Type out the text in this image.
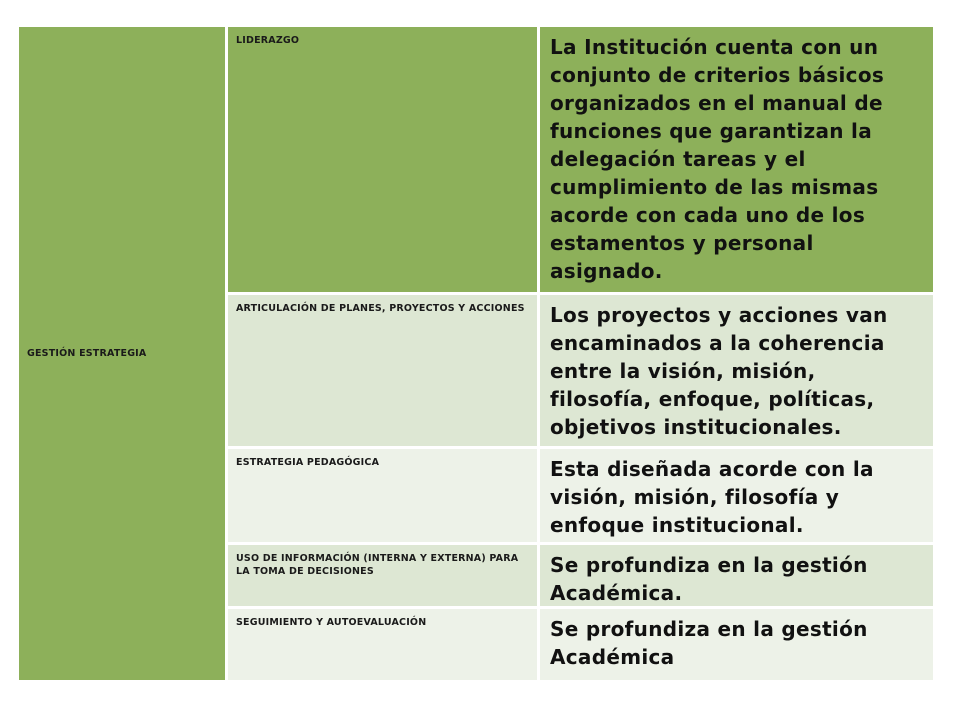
GESTIÓN ESTRATEGIA
LIDERAZGO	La Institución cuenta con un conjunto de criterios básicos organizados en el manual de funciones que garantizan la delegación tareas y el cumplimiento de las mismas acorde con cada uno de los estamentos y personal asignado.
ARTICULACIÓN DE PLANES, PROYECTOS Y ACCIONES	Los proyectos y acciones van encaminados a la coherencia entre la visión, misión, filosofía, enfoque, políticas, objetivos institucionales.
ESTRATEGIA PEDAGÓGICA	Esta diseñada acorde con la visión, misión, filosofía y enfoque institucional.
USO DE INFORMACIÓN (INTERNA Y EXTERNA) PARA LA TOMA DE DECISIONES	Se profundiza en la gestión Académica.
SEGUIMIENTO Y AUTOEVALUACIÓN	Se profundiza en la gestión Académica
